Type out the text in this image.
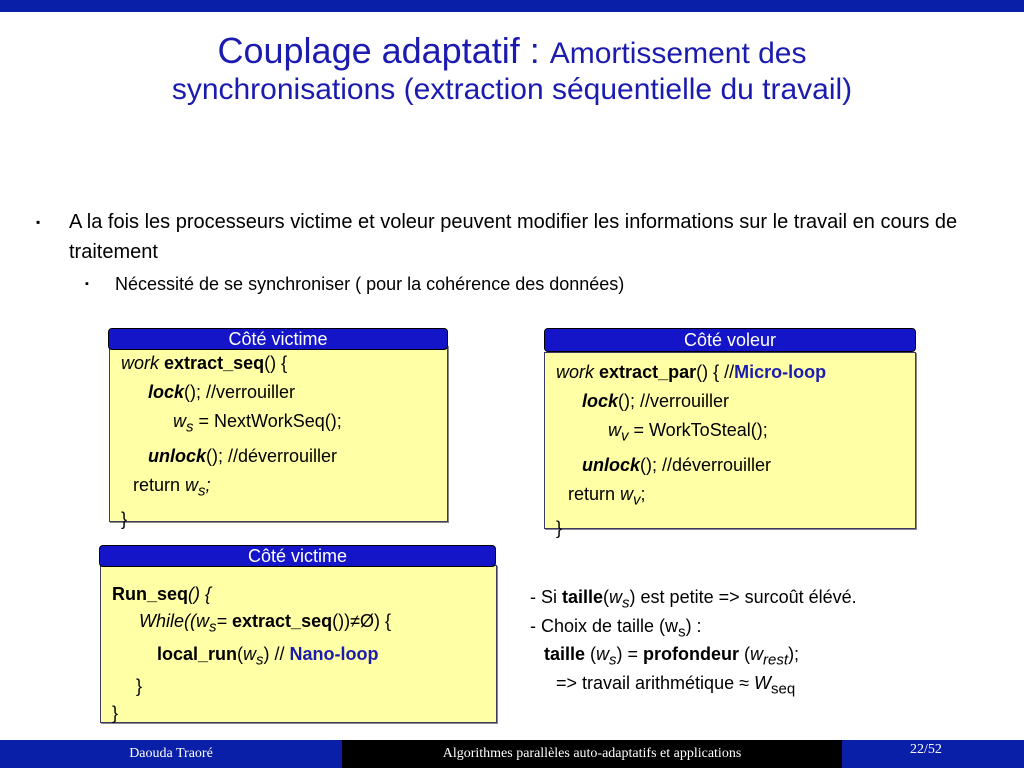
Couplage adaptatif : Amortissement des
synchronisations (extraction séquentielle du travail)
▪ A la fois les processeurs victime et voleur peuvent modifier les informations sur le travail en cours de traitement
▪ Nécessité de se synchroniser ( pour la cohérence des données)
work extract_seq() {
lock(); //verrouiller
$w_s$ = NextWorkSeq();
unlock(); //déverrouiller
return $w_s$;
}
Côté victime
work extract_par() { //Micro-loop
lock(); //verrouiller
$w_v$ = WorkToSteal();
unlock(); //déverrouiller
return $w_v$;
}
Côté voleur
Run_seq() {
$While((w_s=$ extract_seq())≠Ø) {
$local\_run(w_s)$ // Nano-loop
}
}
Côté victime
- Si $taille(w_s)$ est petite => surcoût élévé.
- Choix de taille $(w_s)$ :
taille $(w_s)$ = profondeur $(w_{rest})$;
=> travail arithmétique ≈ $W_{seq}$
Daouda Traoré	Algorithmes parallèles auto-adaptatifs et applications	22/52
